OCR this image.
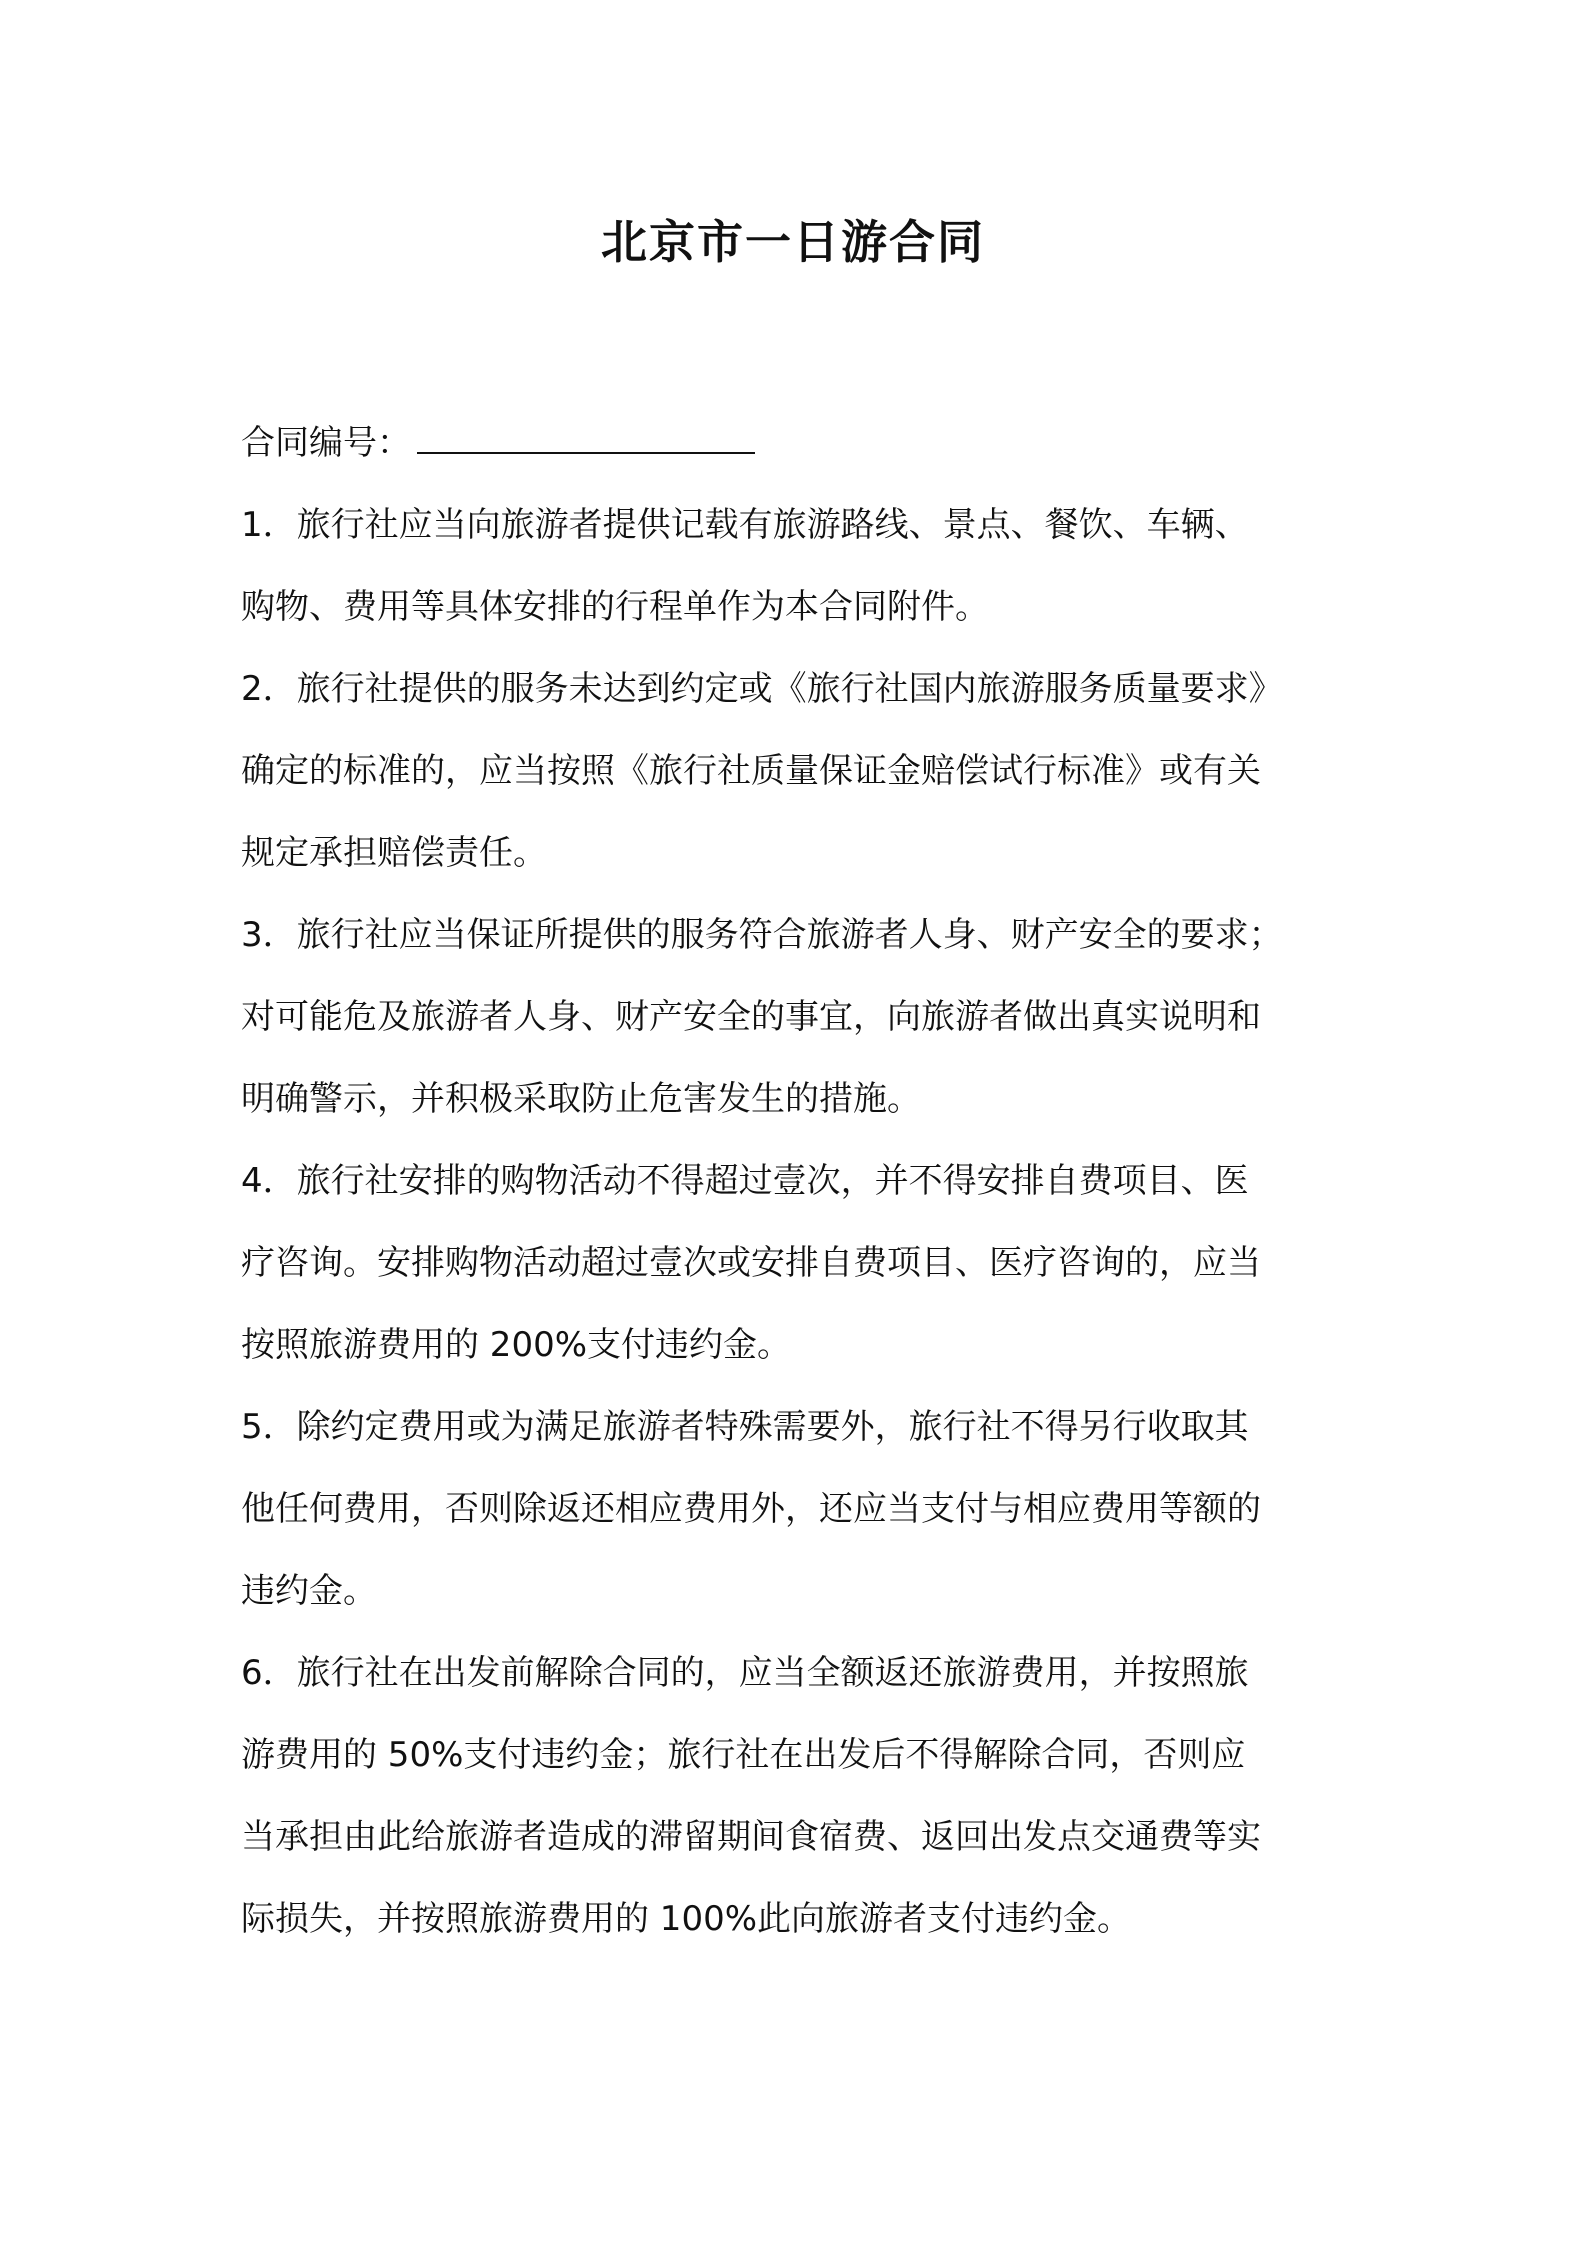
北京市一日游合同
合同编号：
1．旅行社应当向旅游者提供记载有旅游路线、景点、餐饮、车辆、
购物、费用等具体安排的行程单作为本合同附件。
2．旅行社提供的服务未达到约定或《旅行社国内旅游服务质量要求》
确定的标准的，应当按照《旅行社质量保证金赔偿试行标准》或有关
规定承担赔偿责任。
3．旅行社应当保证所提供的服务符合旅游者人身、财产安全的要求；
对可能危及旅游者人身、财产安全的事宜，向旅游者做出真实说明和
明确警示，并积极采取防止危害发生的措施。
4．旅行社安排的购物活动不得超过壹次，并不得安排自费项目、医
疗咨询。安排购物活动超过壹次或安排自费项目、医疗咨询的，应当
按照旅游费用的 200%支付违约金。
5．除约定费用或为满足旅游者特殊需要外，旅行社不得另行收取其
他任何费用，否则除返还相应费用外，还应当支付与相应费用等额的
违约金。
6．旅行社在出发前解除合同的，应当全额返还旅游费用，并按照旅
游费用的 50%支付违约金；旅行社在出发后不得解除合同，否则应
当承担由此给旅游者造成的滞留期间食宿费、返回出发点交通费等实
际损失，并按照旅游费用的 100%此向旅游者支付违约金。
